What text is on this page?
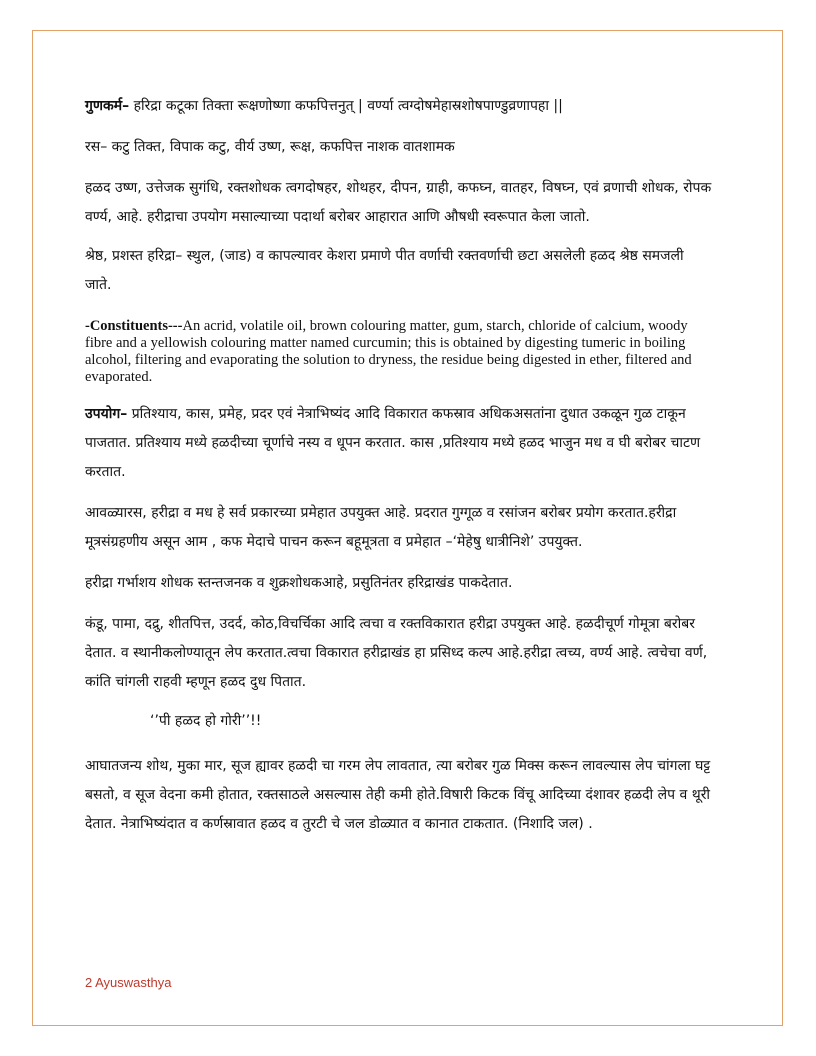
गुणकर्म– हरिद्रा कटूका तिक्ता रूक्षणोष्णा कफपित्तनुत् | वर्ण्या त्वग्दोषमेहास्रशोषपाण्डुव्रणापहा ||

रस– कटु तिक्त, विपाक कटु, वीर्य उष्ण, रूक्ष, कफपित्त नाशक वातशामक

हळद उष्ण, उत्तेजक सुगंधि, रक्तशोधक त्वगदोषहर, शोथहर, दीपन, ग्राही, कफघ्न, वातहर, विषघ्न, एवं व्रणाची शोधक, रोपक वर्ण्य, आहे. हरीद्राचा उपयोग मसाल्याच्या पदार्था बरोबर आहारात आणि औषधी स्वरूपात केला जातो.

श्रेष्ठ, प्रशस्त हरिद्रा– स्थुल, (जाड) व कापल्यावर केशरा प्रमाणे पीत वर्णाची रक्तवर्णाची छटा असलेली हळद श्रेष्ठ समजली जाते.

-Constituents---An acrid, volatile oil, brown colouring matter, gum, starch, chloride of calcium, woody fibre and a yellowish colouring matter named curcumin; this is obtained by digesting tumeric in boiling alcohol, filtering and evaporating the solution to dryness, the residue being digested in ether, filtered and evaporated.

उपयोग– प्रतिश्याय, कास, प्रमेह, प्रदर एवं नेत्राभिष्यंद आदि विकारात कफस्राव अधिकअसतांना दुधात उकळून गुळ टाकून पाजतात. प्रतिश्याय मध्ये हळदीच्या चूर्णाचे नस्य व धूपन करतात. कास ,प्रतिश्याय मध्ये हळद भाजुन मध व घी बरोबर चाटण करतात.

आवळ्यारस, हरीद्रा व मध हे सर्व प्रकारच्या प्रमेहात उपयुक्त आहे. प्रदरात गुग्गूळ व रसांजन बरोबर प्रयोग करतात.हरीद्रा मूत्रसंग्रहणीय असून आम , कफ मेदाचे पाचन करून बहूमूत्रता व प्रमेहात –‘मेहेषु धात्रीनिशे’ उपयुक्त.

हरीद्रा गर्भाशय शोधक स्तन्तजनक व शुक्रशोधकआहे, प्रसुतिनंतर हरिद्राखंड पाकदेतात.

कंडू, पामा, दद्रु, शीतपित्त, उदर्द, कोठ,विचर्चिका आदि त्वचा व रक्तविकारात हरीद्रा उपयुक्त आहे. हळदीचूर्ण गोमूत्रा बरोबर देतात. व स्थानीकलोण्यातून लेप करतात.त्वचा विकारात हरीद्राखंड हा प्रसिध्द कल्प आहे.हरीद्रा त्वच्य, वर्ण्य आहे. त्वचेचा वर्ण, कांति चांगली राहवी म्हणून हळद दुध पितात.

‘’पी हळद हो गोरी’’!!

आघातजन्य शोथ, मुका मार, सूज ह्यावर हळदी चा गरम लेप लावतात, त्या बरोबर गुळ मिक्स करून लावल्यास लेप चांगला घट्ट बसतो, व सूज वेदना कमी होतात, रक्तसाठले असल्यास तेही कमी होते.विषारी किटक विंचू आदिच्या दंशावर हळदी लेप व थूरी देतात. नेत्राभिष्यंदात व कर्णस्रावात हळद व तुरटी चे जल डोळ्यात व कानात टाकतात. (निशादि जल) .

2 Ayuswasthya
